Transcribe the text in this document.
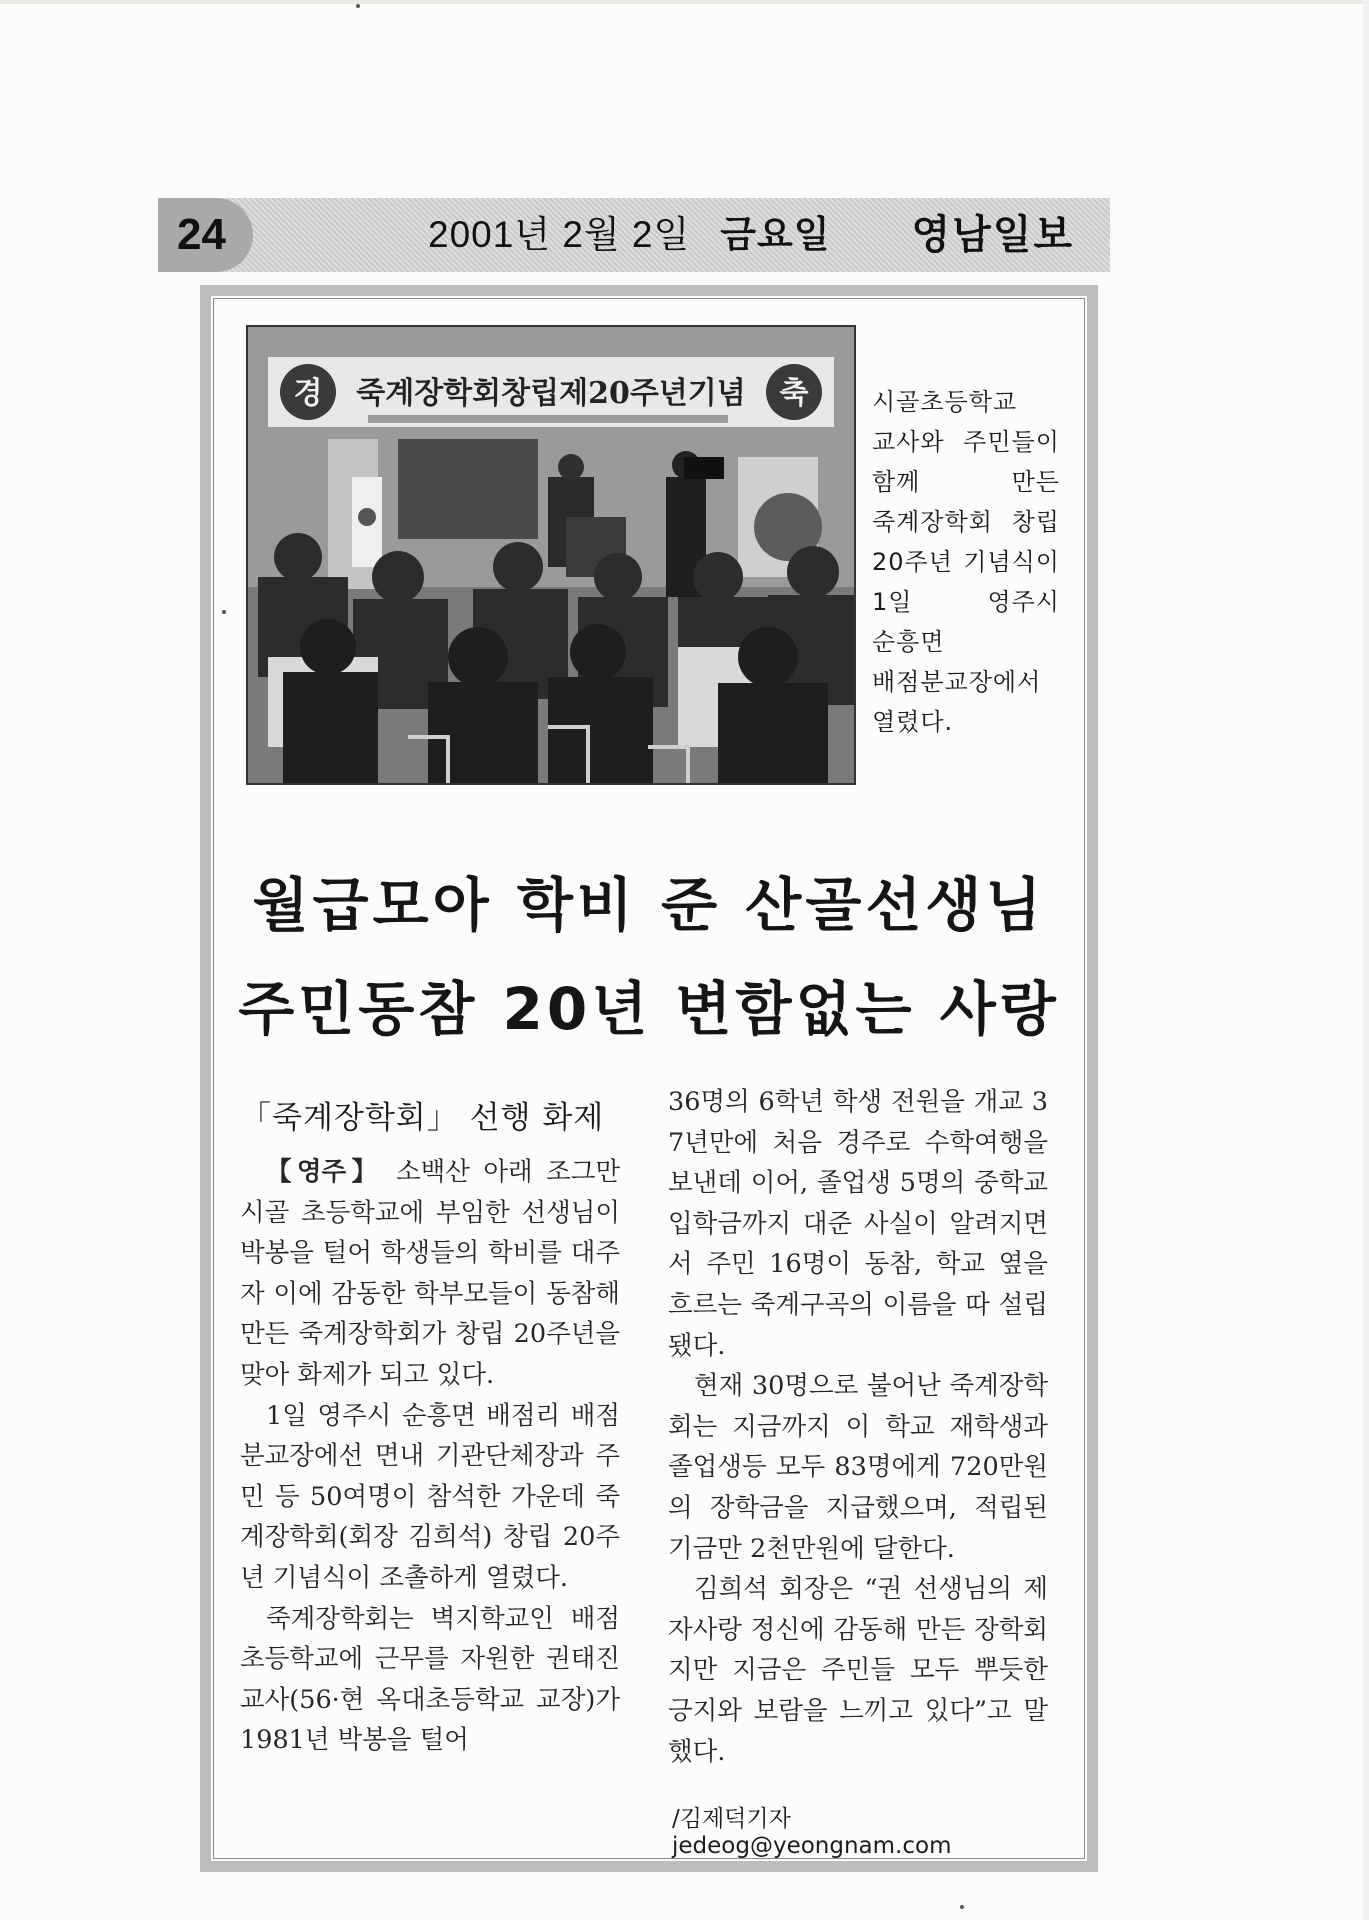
24	2001년 2월 2일 금요일 영남일보
경	축
죽계장학회창립제20주년기념	시골초등학교 교사와 주민들이 함께 만든 죽계장학회 창립 20주년 기념식이 1일 영주시 순흥면 배점분교장에서 열렸다.
월급모아 학비 준 산골선생님
주민동참 20년 변함없는 사랑
「죽계장학회」 선행 화제

【영주】 소백산 아래 조그만 시골 초등학교에 부임한 선생님이 박봉을 털어 학생들의 학비를 대주자 이에 감동한 학부모들이 동참해 만든 죽계장학회가 창립 20주년을 맞아 화제가 되고 있다.

1일 영주시 순흥면 배점리 배점분교장에선 면내 기관단체장과 주민 등 50여명이 참석한 가운데 죽계장학회(회장 김희석) 창립 20주년 기념식이 조촐하게 열렸다.

죽계장학회는 벽지학교인 배점초등학교에 근무를 자원한 권태진 교사(56·현 옥대초등학교 교장)가 1981년 박봉을 털어

36명의 6학년 학생 전원을 개교 37년만에 처음 경주로 수학여행을 보낸데 이어, 졸업생 5명의 중학교 입학금까지 대준 사실이 알려지면서 주민 16명이 동참, 학교 옆을 흐르는 죽계구곡의 이름을 따 설립됐다.

현재 30명으로 불어난 죽계장학회는 지금까지 이 학교 재학생과 졸업생등 모두 83명에게 720만원의 장학금을 지급했으며, 적립된 기금만 2천만원에 달한다.

김희석 회장은 “권 선생님의 제자사랑 정신에 감동해 만든 장학회지만 지금은 주민들 모두 뿌듯한 긍지와 보람을 느끼고 있다”고 말했다.

/김제덕기자 jedeog@yeongnam.com
